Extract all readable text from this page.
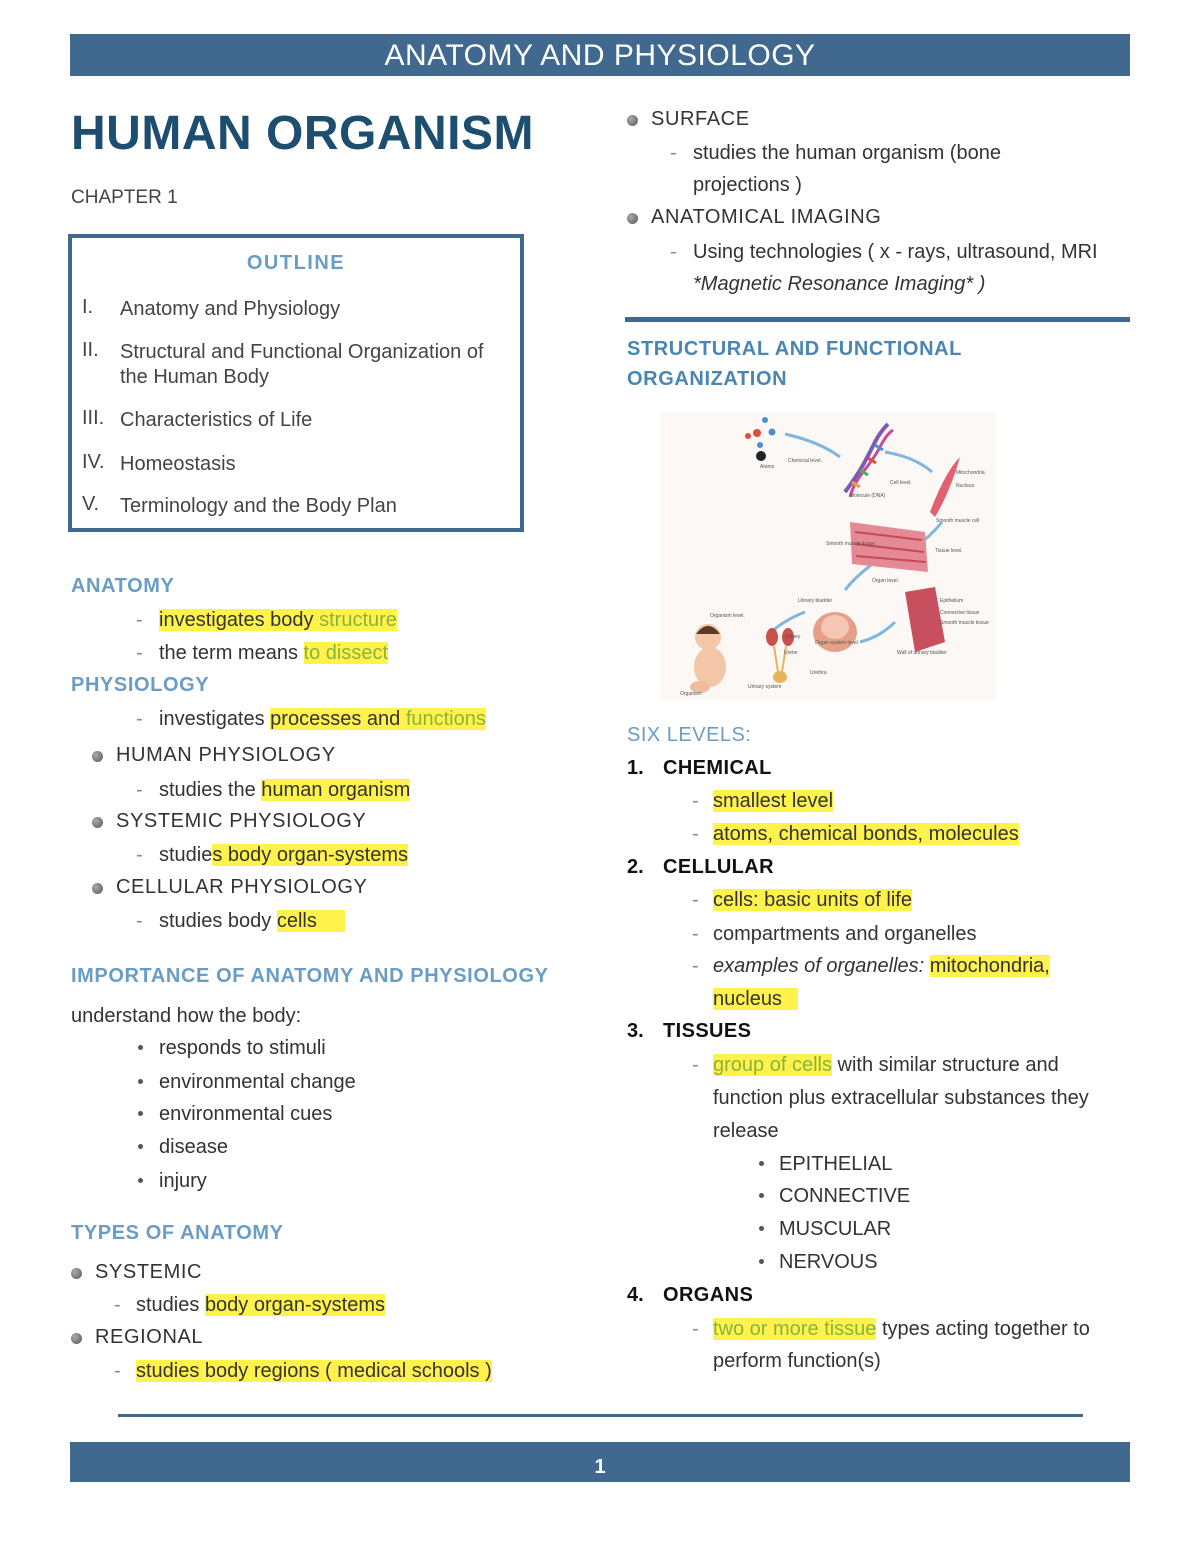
ANATOMY AND PHYSIOLOGY
1
HUMAN ORGANISM
CHAPTER 1
OUTLINE
I. Anatomy and Physiology
II. Structural and Functional Organization of
the Human Body
III. Characteristics of Life
IV. Homeostasis
V. Terminology and the Body Plan
ANATOMY
- investigates body structure
- the term means to dissect
PHYSIOLOGY
- investigates processes and functions
HUMAN PHYSIOLOGY
- studies the human organism
SYSTEMIC PHYSIOLOGY
- studies body organ-systems
CELLULAR PHYSIOLOGY
- studies body cells
IMPORTANCE OF ANATOMY AND PHYSIOLOGY
understand how the body:
responds to stimuli
environmental change
environmental cues
disease
injury
TYPES OF ANATOMY
SYSTEMIC
- studies body organ-systems
REGIONAL
- studies body regions ( medical schools )
SURFACE
- studies the human organism (bone
projections )
ANATOMICAL IMAGING
- Using technologies ( x - rays, ultrasound, MRI
*Magnetic Resonance Imaging* )
STRUCTURAL AND FUNCTIONAL
ORGANIZATION
Atoms
Chemical level.
Molecule (DNA)
Cell level.
Mitochondria
Nucleus
Smooth muscle cell
Smooth muscle tissue
Tissue level.
Organ level.
Urinary bladder	Epithelium
Connective tissue
Smooth muscle tissue
Wall of urinary bladder
Organism level.
Organ system level.
Kidney
Ureter
Urethra
Urinary system
Organism
SIX LEVELS:
1. CHEMICAL
- smallest level
- atoms, chemical bonds, molecules
2. CELLULAR
- cells: basic units of life
- compartments and organelles
- examples of organelles: mitochondria,
nucleus
3. TISSUES
- group of cells with similar structure and
function plus extracellular substances they
release
EPITHELIAL
CONNECTIVE
MUSCULAR
NERVOUS
4. ORGANS
- two or more tissue types acting together to
perform function(s)
